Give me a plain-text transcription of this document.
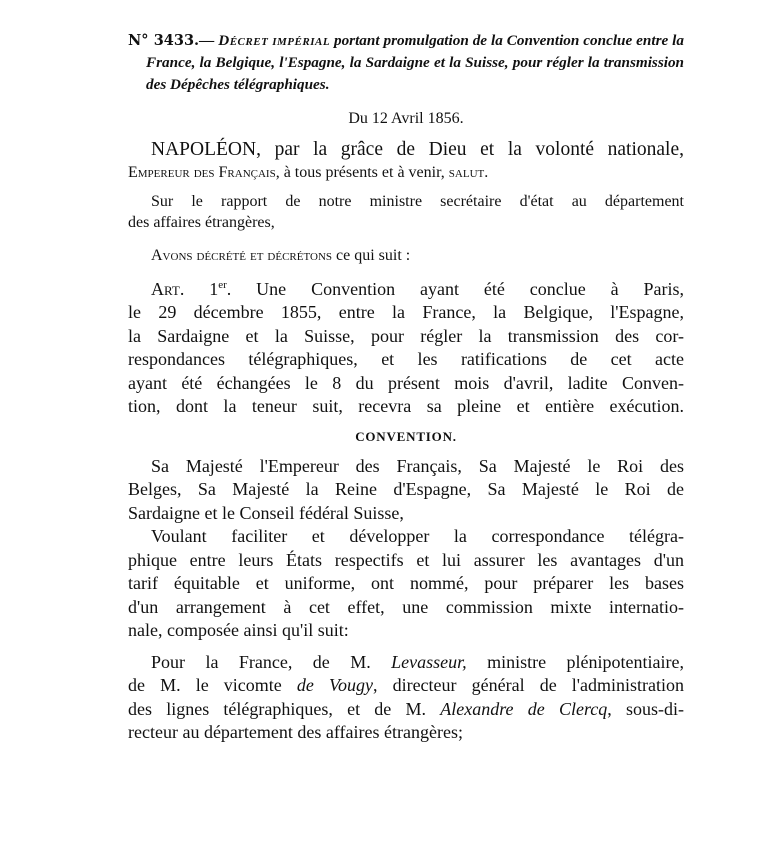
N° 3433.— Décret impérial portant promulgation de la Convention conclue entre la France, la Belgique, l'Espagne, la Sardaigne et la Suisse, pour régler la transmission des Dépêches télégraphiques.

Du 12 Avril 1856.

NAPOLÉON, par la grâce de Dieu et la volonté nationale,

Empereur des Français, à tous présents et à venir, salut.

Sur le rapport de notre ministre secrétaire d'état au département
des affaires étrangères,

Avons décrété et décrétons ce qui suit :

Art. 1er. Une Convention ayant été conclue à Paris,
le 29 décembre 1855, entre la France, la Belgique, l'Espagne,
la Sardaigne et la Suisse, pour régler la transmission des cor-
respondances télégraphiques, et les ratifications de cet acte
ayant été échangées le 8 du présent mois d'avril, ladite Conven-
tion, dont la teneur suit, recevra sa pleine et entière exécution.
CONVENTION.
Sa Majesté l'Empereur des Français, Sa Majesté le Roi des
Belges, Sa Majesté la Reine d'Espagne, Sa Majesté le Roi de
Sardaigne et le Conseil fédéral Suisse,
Voulant faciliter et développer la correspondance télégra-
phique entre leurs États respectifs et lui assurer les avantages d'un
tarif équitable et uniforme, ont nommé, pour préparer les bases
d'un arrangement à cet effet, une commission mixte internatio-
nale, composée ainsi qu'il suit:
Pour la France, de M. Levasseur, ministre plénipotentiaire,
de M. le vicomte de Vougy, directeur général de l'administration
des lignes télégraphiques, et de M. Alexandre de Clercq, sous-di-
recteur au département des affaires étrangères;
